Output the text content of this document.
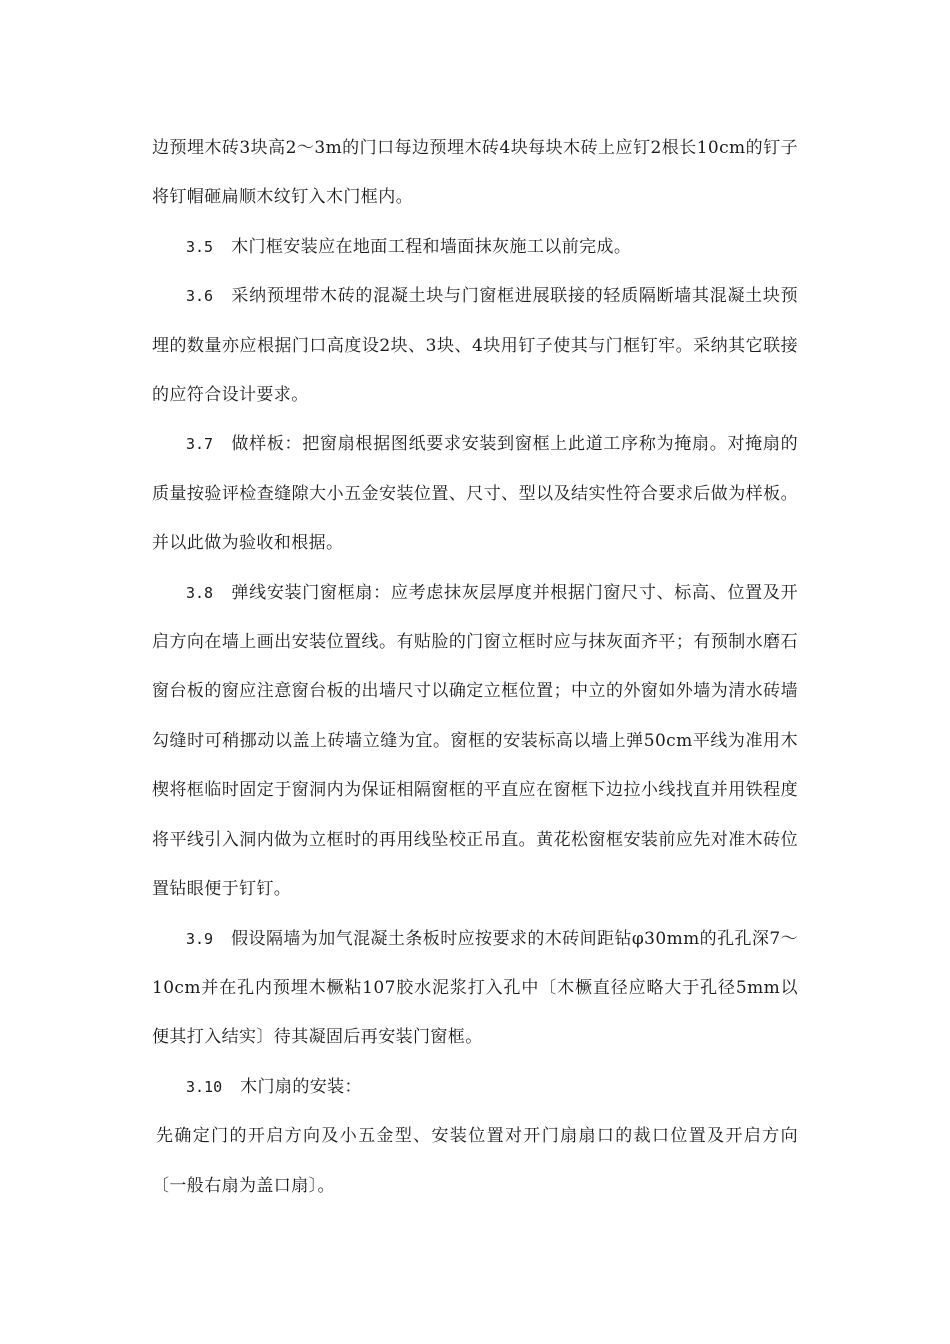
边预埋木砖3块高2～3m的门口每边预埋木砖4块每块木砖上应钉2根长10cm的钉子将钉帽砸扁顺木纹钉入木门框内。

3.5 木门框安装应在地面工程和墙面抹灰施工以前完成。

3.6 采纳预埋带木砖的混凝土块与门窗框进展联接的轻质隔断墙其混凝土块预埋的数量亦应根据门口高度设2块、3块、4块用钉子使其与门框钉牢。采纳其它联接的应符合设计要求。

3.7 做样板：把窗扇根据图纸要求安装到窗框上此道工序称为掩扇。对掩扇的质量按验评检查缝隙大小五金安装位置、尺寸、型以及结实性符合要求后做为样板。并以此做为验收和根据。

3.8 弹线安装门窗框扇：应考虑抹灰层厚度并根据门窗尺寸、标高、位置及开启方向在墙上画出安装位置线。有贴脸的门窗立框时应与抹灰面齐平；有预制水磨石窗台板的窗应注意窗台板的出墙尺寸以确定立框位置；中立的外窗如外墙为清水砖墙勾缝时可稍挪动以盖上砖墙立缝为宜。窗框的安装标高以墙上弹50cm平线为准用木楔将框临时固定于窗洞内为保证相隔窗框的平直应在窗框下边拉小线找直并用铁程度将平线引入洞内做为立框时的再用线坠校正吊直。黄花松窗框安装前应先对准木砖位置钻眼便于钉钉。

3.9 假设隔墙为加气混凝土条板时应按要求的木砖间距钻φ30mm的孔孔深7～10cm并在孔内预埋木橛粘107胶水泥浆打入孔中〔木橛直径应略大于孔径5mm以便其打入结实〕待其凝固后再安装门窗框。

3.10 木门扇的安装：

先确定门的开启方向及小五金型、安装位置对开门扇扇口的裁口位置及开启方向〔一般右扇为盖口扇〕。
